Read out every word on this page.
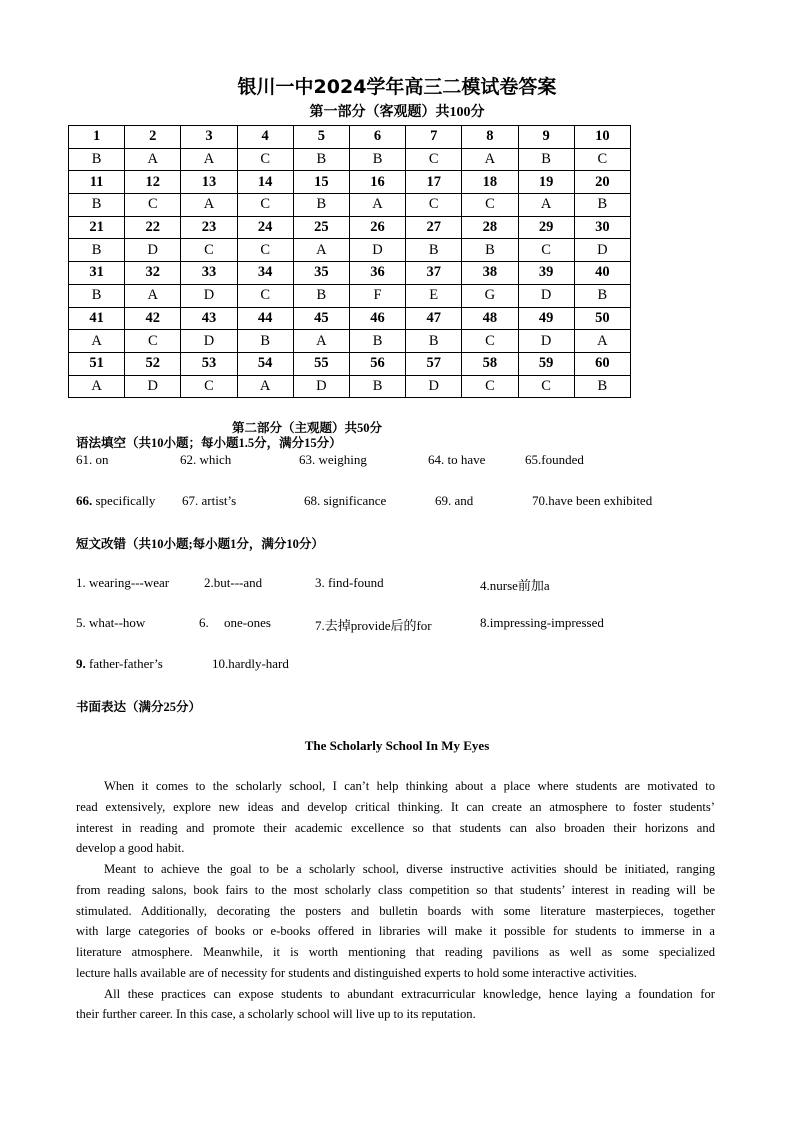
银川一中2024学年高三二模试卷答案
第一部分（客观题）共100分
1	2	3	4	5	6	7	8	9	10
B	A	A	C	B	B	C	A	B	C
11	12	13	14	15	16	17	18	19	20
B	C	A	C	B	A	C	C	A	B
21	22	23	24	25	26	27	28	29	30
B	D	C	C	A	D	B	B	C	D
31	32	33	34	35	36	37	38	39	40
B	A	D	C	B	F	E	G	D	B
41	42	43	44	45	46	47	48	49	50
A	C	D	B	A	B	B	C	D	A
51	52	53	54	55	56	57	58	59	60
A	D	C	A	D	B	D	C	C	B
第二部分（主观题）共50分
语法填空（共10小题；每小题1.5分，满分15分）
61. on	62. which	63. weighing	64. to have	65.founded
66. specifically 67. artist’s	68. significance	69. and	70.have been exhibited
短文改错（共10小题;每小题1分，满分10分）
1. wearing---wear	2.but---and	3. find-found	4.nurse前加a
5. what--how	6. one-ones	7.去掉provide后的for	8.impressing-impressed
9. father-father’s	10.hardly-hard
书面表达（满分25分）
The Scholarly School In My Eyes
When it comes to the scholarly school, I can’t help thinking about a place where students are motivated to
read extensively, explore new ideas and develop critical thinking. It can create an atmosphere to foster students’
interest in reading and promote their academic excellence so that students can also broaden their horizons and
develop a good habit.
Meant to achieve the goal to be a scholarly school, diverse instructive activities should be initiated, ranging
from reading salons, book fairs to the most scholarly class competition so that students’ interest in reading will be
stimulated. Additionally, decorating the posters and bulletin boards with some literature masterpieces, together
with large categories of books or e-books offered in libraries will make it possible for students to immerse in a
literature atmosphere. Meanwhile, it is worth mentioning that reading pavilions as well as some specialized
lecture halls available are of necessity for students and distinguished experts to hold some interactive activities.
All these practices can expose students to abundant extracurricular knowledge, hence laying a foundation for
their further career. In this case, a scholarly school will live up to its reputation.
